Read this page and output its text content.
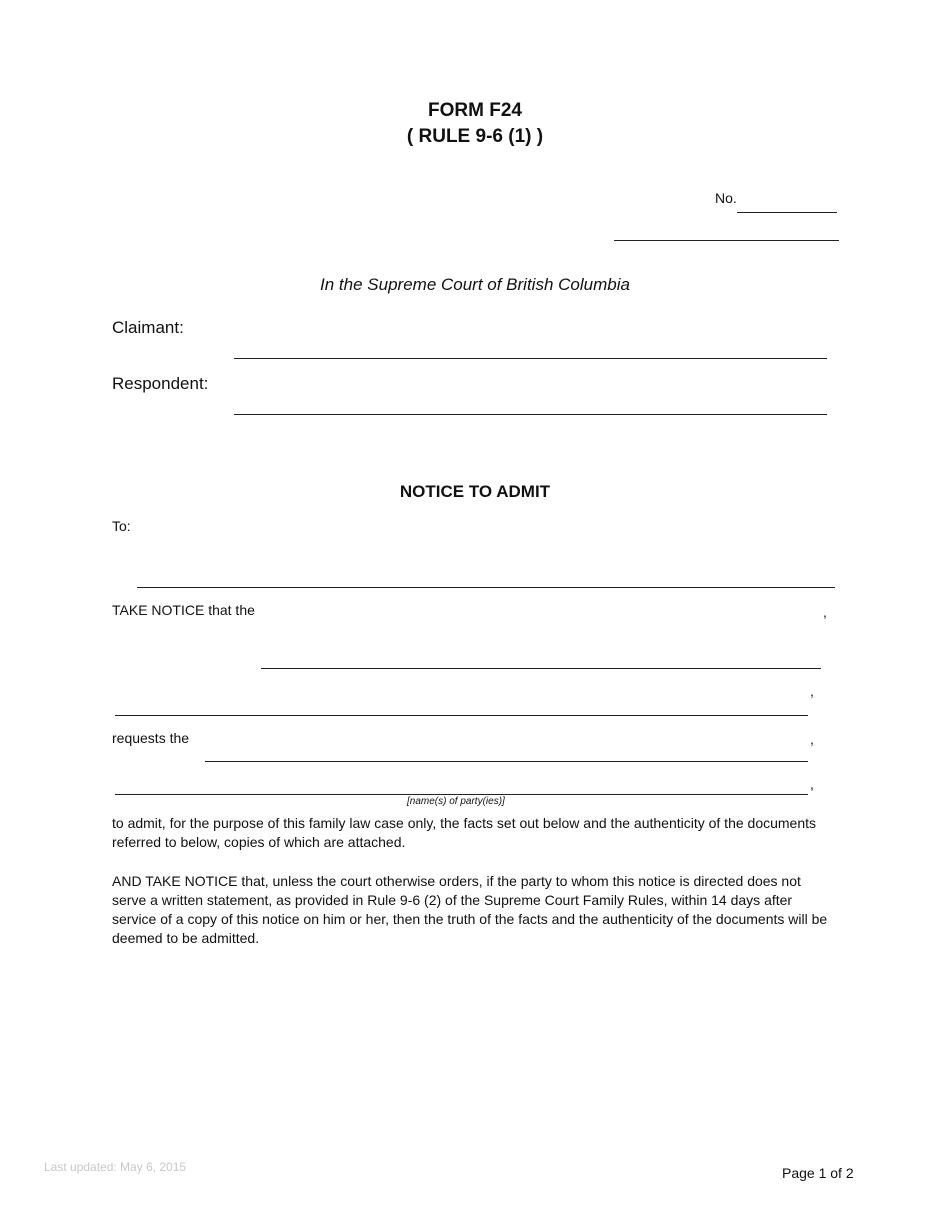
FORM F24
( RULE 9-6 (1) )
No.
In the Supreme Court of British Columbia
Claimant:
Respondent:
NOTICE TO ADMIT
To:
TAKE NOTICE that the	,
,
requests the	,
,
[name(s) of party(ies)]
to admit, for the purpose of this family law case only, the facts set out below and the authenticity of the documents referred to below, copies of which are attached.
AND TAKE NOTICE that, unless the court otherwise orders, if the party to whom this notice is directed does not serve a written statement, as provided in Rule 9-6 (2) of the Supreme Court Family Rules, within 14 days after service of a copy of this notice on him or her, then the truth of the facts and the authenticity of the documents will be deemed to be admitted.
Last updated: May 6, 2015	Page 1 of 2
